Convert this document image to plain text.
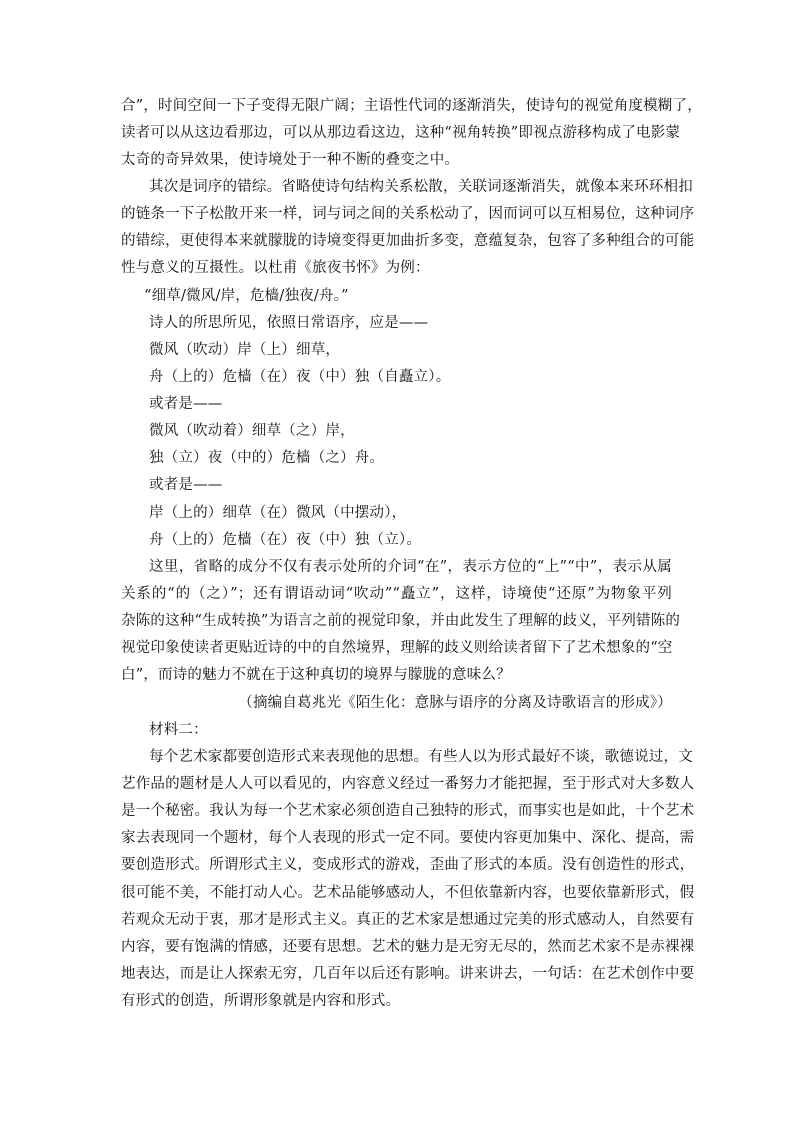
合”，时间空间一下子变得无限广阔；主语性代词的逐渐消失，使诗句的视觉角度模糊了，
读者可以从这边看那边，可以从那边看这边，这种“视角转换”即视点游移构成了电影蒙
太奇的奇异效果，使诗境处于一种不断的叠变之中。
其次是词序的错综。省略使诗句结构关系松散，关联词逐渐消失，就像本来环环相扣
的链条一下子松散开来一样，词与词之间的关系松动了，因而词可以互相易位，这种词序
的错综，更使得本来就朦胧的诗境变得更加曲折多变，意蕴复杂，包容了多种组合的可能
性与意义的互摄性。以杜甫《旅夜书怀》为例：
“细草/微风/岸，危樯/独夜/舟。”
诗人的所思所见，依照日常语序，应是——
微风（吹动）岸（上）细草，
舟（上的）危樯（在）夜（中）独（自矗立）。
或者是——
微风（吹动着）细草（之）岸，
独（立）夜（中的）危樯（之）舟。
或者是——
岸（上的）细草（在）微风（中摆动），
舟（上的）危樯（在）夜（中）独（立）。
这里，省略的成分不仅有表示处所的介词“在”，表示方位的“上”“中”，表示从属
关系的“的（之）”；还有谓语动词“吹动”“矗立”，这样，诗境使“还原”为物象平列
杂陈的这种“生成转换”为语言之前的视觉印象，并由此发生了理解的歧义，平列错陈的
视觉印象使读者更贴近诗的中的自然境界，理解的歧义则给读者留下了艺术想象的“空
白”，而诗的魅力不就在于这种真切的境界与朦胧的意味么？
（摘编自葛兆光《陌生化：意脉与语序的分离及诗歌语言的形成》）
材料二：
每个艺术家都要创造形式来表现他的思想。有些人以为形式最好不谈，歌德说过，文
艺作品的题材是人人可以看见的，内容意义经过一番努力才能把握，至于形式对大多数人
是一个秘密。我认为每一个艺术家必须创造自己独特的形式，而事实也是如此，十个艺术
家去表现同一个题材，每个人表现的形式一定不同。要使内容更加集中、深化、提高，需
要创造形式。所谓形式主义，变成形式的游戏，歪曲了形式的本质。没有创造性的形式，
很可能不美，不能打动人心。艺术品能够感动人，不但依靠新内容，也要依靠新形式，假
若观众无动于衷，那才是形式主义。真正的艺术家是想通过完美的形式感动人，自然要有
内容，要有饱满的情感，还要有思想。艺术的魅力是无穷无尽的，然而艺术家不是赤裸裸
地表达，而是让人探索无穷，几百年以后还有影响。讲来讲去，一句话：在艺术创作中要
有形式的创造，所谓形象就是内容和形式。
